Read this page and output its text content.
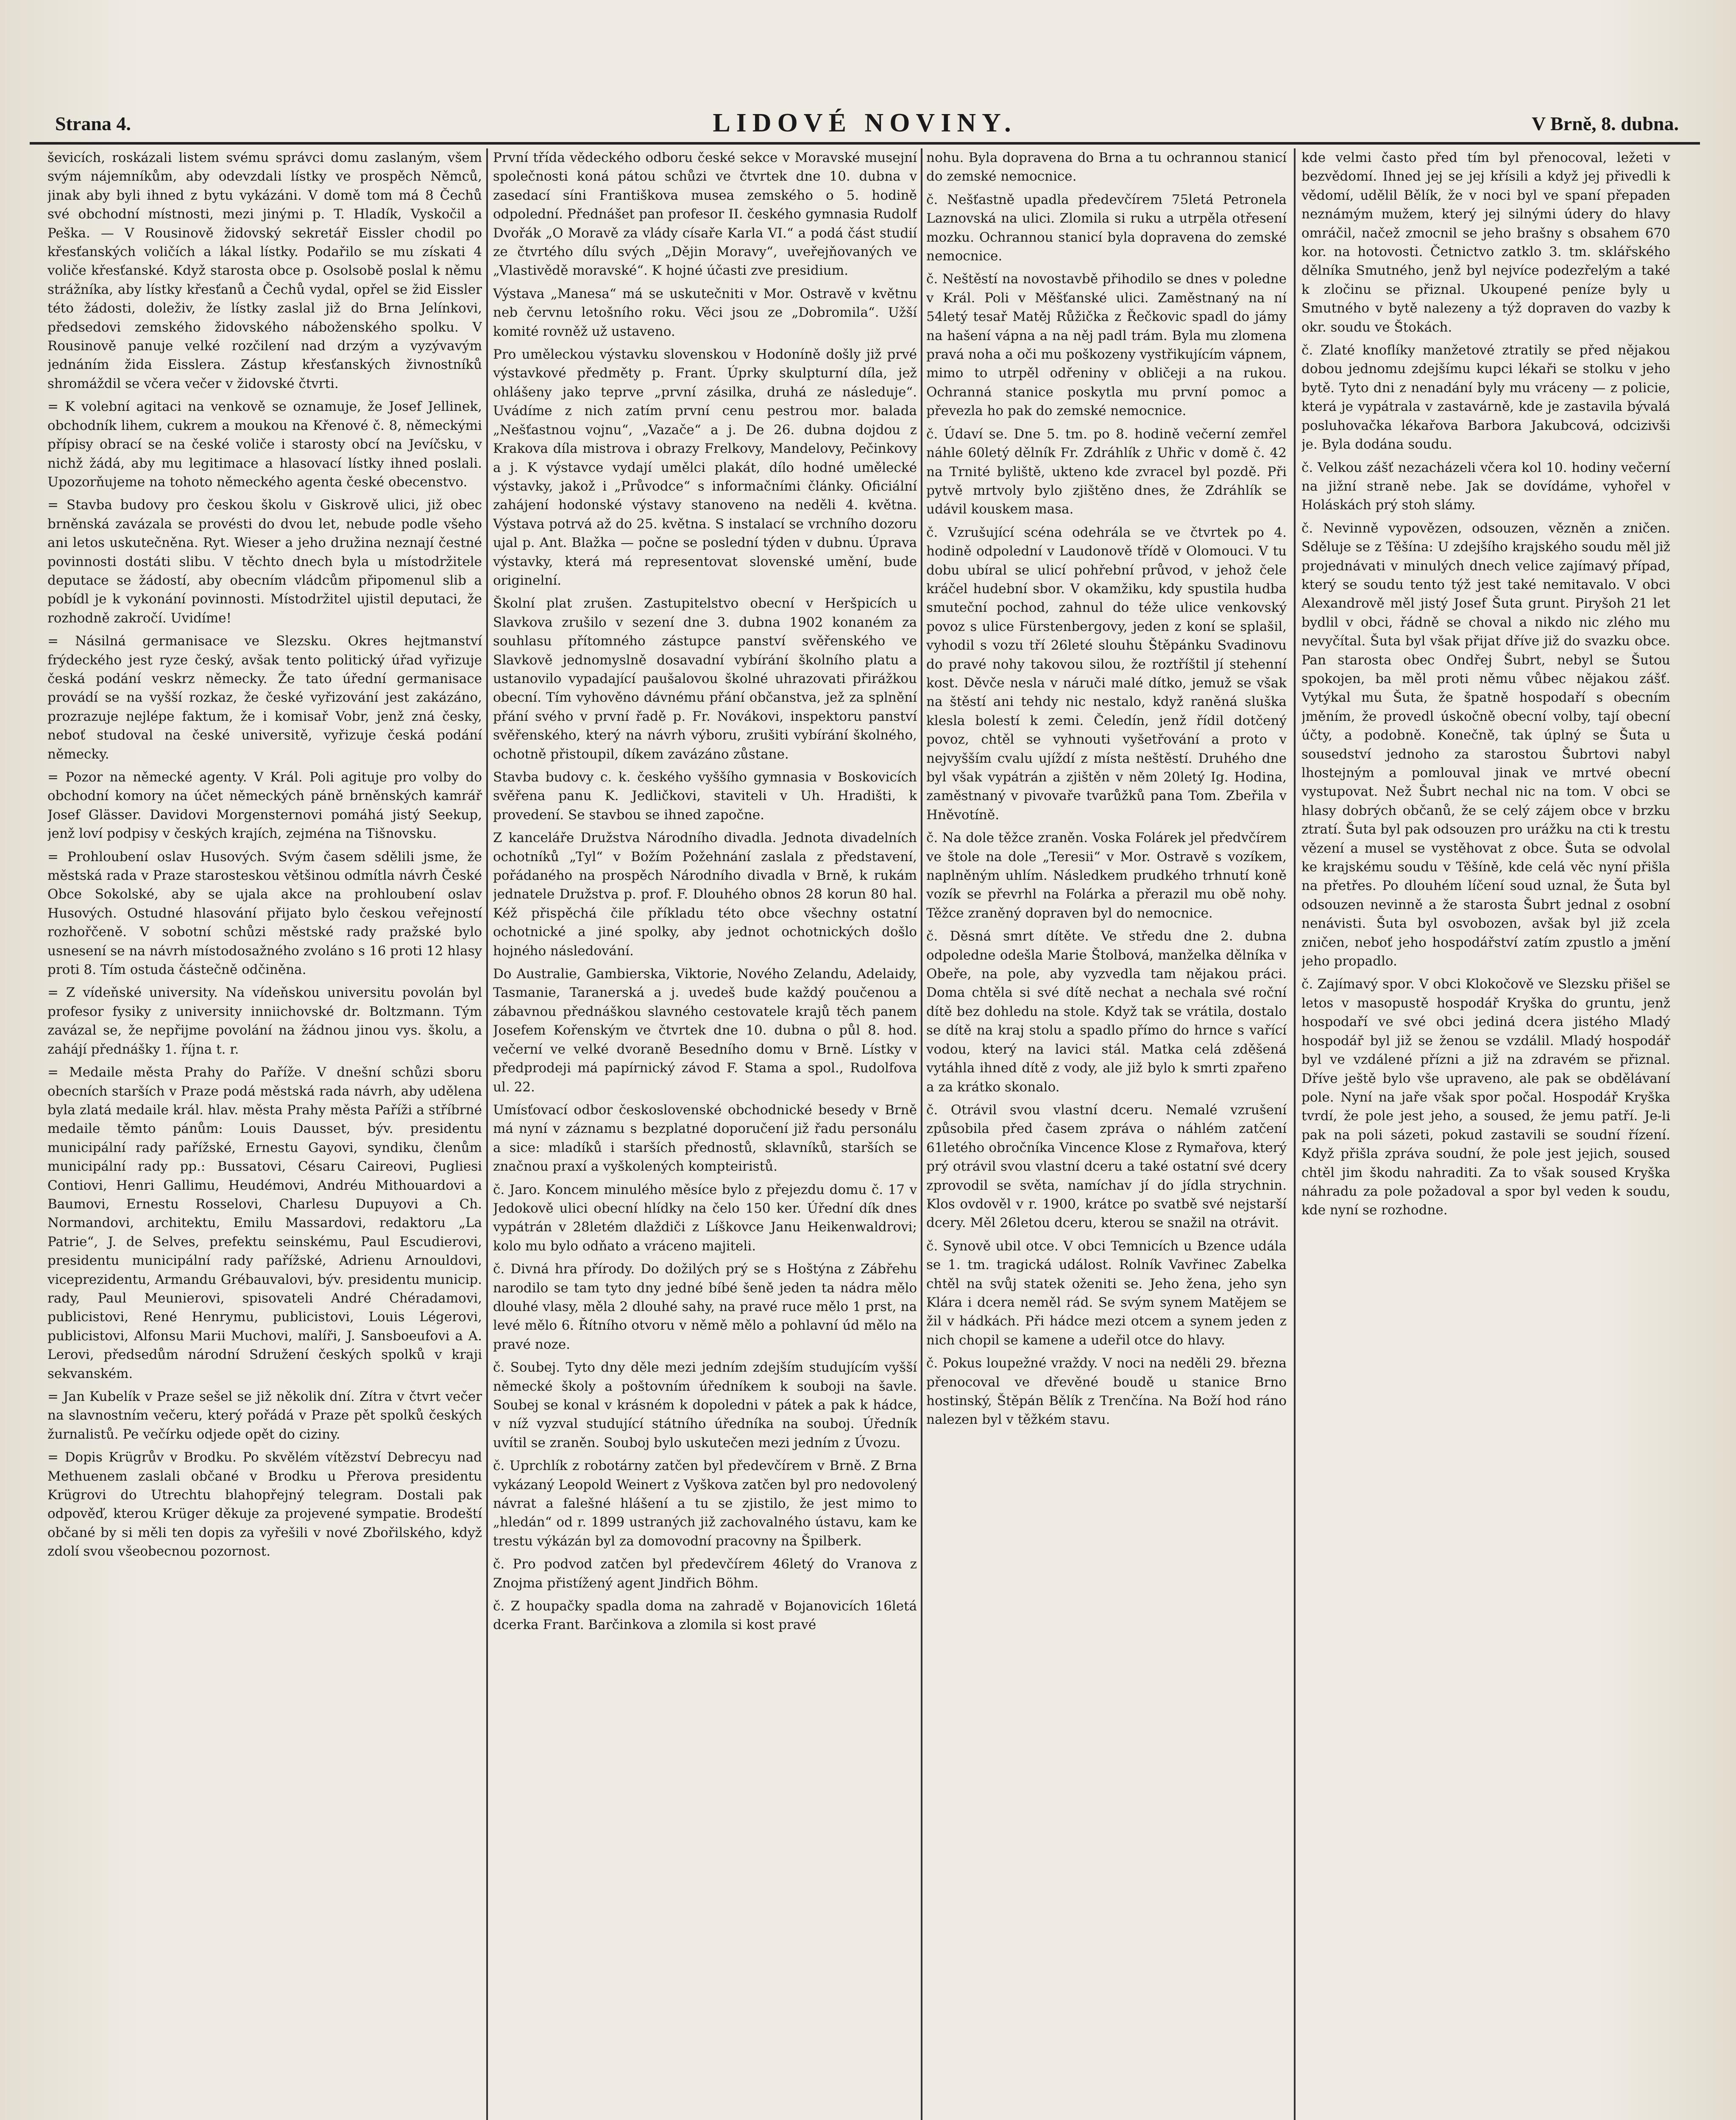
Strana 4.	LIDOVÉ NOVINY.	V Brně, 8. dubna.

ševicích, roskázali listem svému správci domu zaslaným, všem svým nájemníkům, aby odevzdali lístky ve prospěch Němců, jinak aby byli ihned z bytu vykázáni. V domě tom má 8 Čechů své obchodní místnosti, mezi jinými p. T. Hladík, Vyskočil a Peška. — V Rousinově židovský sekretář Eissler chodil po křesťanských voličích a lákal lístky. Podařilo se mu získati 4 voliče křesťanské. Když starosta obce p. Osolsobě poslal k němu strážníka, aby lístky křesťanů a Čechů vydal, opřel se žid Eissler této žádosti, doleživ, že lístky zaslal již do Brna Jelínkovi, předsedovi zemského židovského náboženského spolku. V Rousinově panuje velké rozčilení nad drzým a vyzývavým jednáním žida Eisslera. Zástup křesťanských živnostníků shromáždil se včera večer v židovské čtvrti.

= K volební agitaci na venkově se oznamuje, že Josef Jellinek, obchodník lihem, cukrem a moukou na Křenové č. 8, německými přípisy obrací se na české voliče i starosty obcí na Jevíčsku, v nichž žádá, aby mu legitimace a hlasovací lístky ihned poslali. Upozorňujeme na tohoto německého agenta české obecenstvo.

= Stavba budovy pro českou školu v Giskrově ulici, již obec brněnská zavázala se provésti do dvou let, nebude podle všeho ani letos uskutečněna. Ryt. Wieser a jeho družina neznají čestné povinnosti dostáti slibu. V těchto dnech byla u místodržitele deputace se žádostí, aby obecním vládcům připomenul slib a pobídl je k vykonání povinnosti. Místodržitel ujistil deputaci, že rozhodně zakročí. Uvidíme!

= Násilná germanisace ve Slezsku. Okres hejtmanství frýdeckého jest ryze český, avšak tento politický úřad vyřizuje česká podání veskrz německy. Že tato úřední germanisace provádí se na vyšší rozkaz, že české vyřizování jest zakázáno, prozrazuje nejlépe faktum, že i komisař Vobr, jenž zná česky, neboť studoval na české universitě, vyřizuje česká podání německy.

= Pozor na německé agenty. V Král. Poli agituje pro volby do obchodní komory na účet německých páně brněnských kamrář Josef Glässer. Davidovi Morgensternovi pomáhá jistý Seekup, jenž loví podpisy v českých krajích, zejména na Tišnovsku.

= Prohloubení oslav Husových. Svým časem sdělili jsme, že městská rada v Praze starosteskou většinou odmítla návrh České Obce Sokolské, aby se ujala akce na prohloubení oslav Husových. Ostudné hlasování přijato bylo českou veřejností rozhořčeně. V sobotní schůzi městské rady pražské bylo usnesení se na návrh místodosažného zvoláno s 16 proti 12 hlasy proti 8. Tím ostuda částečně odčiněna.

= Z vídeňské university. Na vídeňskou universitu povolán byl profesor fysiky z university inniichovské dr. Boltzmann. Tým zavázal se, že nepřijme povolání na žádnou jinou vys. školu, a zahájí přednášky 1. října t. r.

= Medaile města Prahy do Paříže. V dnešní schůzi sboru obecních starších v Praze podá městská rada návrh, aby udělena byla zlatá medaile král. hlav. města Prahy města Paříži a stříbrné medaile těmto pánům: Louis Dausset, býv. presidentu municipální rady pařížské, Ernestu Gayovi, syndiku, členům municipální rady pp.: Bussatovi, Césaru Caireovi, Pugliesi Contiovi, Henri Gallimu, Heudémovi, Andréu Mithouardovi a Baumovi, Ernestu Rosselovi, Charlesu Dupuyovi a Ch. Normandovi, architektu, Emilu Massardovi, redaktoru „La Patrie“, J. de Selves, prefektu seinskému, Paul Escudierovi, presidentu municipální rady pařížské, Adrienu Arnouldovi, viceprezidentu, Armandu Grébauvalovi, býv. presidentu municip. rady, Paul Meunierovi, spisovateli André Chéradamovi, publicistovi, René Henrymu, publicistovi, Louis Légerovi, publicistovi, Alfonsu Marii Muchovi, malíři, J. Sansboeufovi a A. Lerovi, předsedům národní Sdružení českých spolků v kraji sekvanském.

= Jan Kubelík v Praze sešel se již několik dní. Zítra v čtvrt večer na slavnostním večeru, který pořádá v Praze pět spolků českých žurnalistů. Pe večírku odjede opět do ciziny.

= Dopis Krügrův v Brodku. Po skvělém vítězství Debrecyu nad Methuenem zaslali občané v Brodku u Přerova presidentu Krügrovi do Utrechtu blahopřejný telegram. Dostali pak odpověď, kterou Krüger děkuje za projevené sympatie. Brodeští občané by si měli ten dopis za vyřešili v nové Zbořilského, když zdolí svou všeobecnou pozornost.

První třída vědeckého odboru české sekce v Moravské musejní společnosti koná pátou schůzi ve čtvrtek dne 10. dubna v zasedací síni Františkova musea zemského o 5. hodině odpolední. Přednášet pan profesor II. českého gymnasia Rudolf Dvořák „O Moravě za vlády císaře Karla VI.“ a podá část studií ze čtvrtého dílu svých „Dějin Moravy“, uveřejňovaných ve „Vlastivědě moravské“. K hojné účasti zve presidium.

Výstava „Manesa“ má se uskutečniti v Mor. Ostravě v květnu neb červnu letošního roku. Věci jsou ze „Dobromila“. Užší komité rovněž už ustaveno.

Pro uměleckou výstavku slovenskou v Hodoníně došly již prvé výstavkové předměty p. Frant. Úprky skulpturní díla, jež ohlášeny jako teprve „první zásilka, druhá ze následuje“. Uvádíme z nich zatím první cenu pestrou mor. balada „Nešťastnou vojnu“, „Vazače“ a j. De 26. dubna dojdou z Krakova díla mistrova i obrazy Frelkovy, Mandelovy, Pečinkovy a j. K výstavce vydají umělci plakát, dílo hodné umělecké výstavky, jakož i „Průvodce“ s informačními články. Oficiální zahájení hodonské výstavy stanoveno na neděli 4. května. Výstava potrvá až do 25. května. S instalací se vrchního dozoru ujal p. Ant. Blažka — počne se poslední týden v dubnu. Úprava výstavky, která má representovat slovenské umění, bude originelní.

Školní plat zrušen. Zastupitelstvo obecní v Heršpicích u Slavkova zrušilo v sezení dne 3. dubna 1902 konaném za souhlasu přítomného zástupce panství svěřenského ve Slavkově jednomyslně dosavadní vybírání školního platu a ustanovilo vypadající paušalovou školné uhrazovati přirážkou obecní. Tím vyhověno dávnému přání občanstva, jež za splnění přání svého v první řadě p. Fr. Novákovi, inspektoru panství svěřenského, který na návrh výboru, zrušiti vybírání školného, ochotně přistoupil, díkem zavázáno zůstane.

Stavba budovy c. k. českého vyššího gymnasia v Boskovicích svěřena panu K. Jedličkovi, staviteli v Uh. Hradišti, k provedení. Se stavbou se ihned započne.

Z kanceláře Družstva Národního divadla. Jednota divadelních ochotníků „Tyl“ v Božím Požehnání zaslala z představení, pořádaného na prospěch Národního divadla v Brně, k rukám jednatele Družstva p. prof. F. Dlouhého obnos 28 korun 80 hal. Kéž přispěchá čile příkladu této obce všechny ostatní ochotnické a jiné spolky, aby jednot ochotnických došlo hojného následování.

Do Australie, Gambierska, Viktorie, Nového Zelandu, Adelaidy, Tasmanie, Taranerská a j. uvedeš bude každý poučenou a zábavnou přednáškou slavného cestovatele krajů těch panem Josefem Kořenským ve čtvrtek dne 10. dubna o půl 8. hod. večerní ve velké dvoraně Besedního domu v Brně. Lístky v předprodeji má papírnický závod F. Stama a spol., Rudolfova ul. 22.

Umísťovací odbor československé obchodnické besedy v Brně má nyní v záznamu s bezplatné doporučení již řadu personálu a sice: mladíků i starších přednostů, sklavníků, starších se značnou praxí a vyškolených kompteiristů.

č. Jaro. Koncem minulého měsíce bylo z přejezdu domu č. 17 v Jedokově ulici obecní hlídky na čelo 150 ker. Úřední dík dnes vypátrán v 28letém dlaždiči z Líškovce Janu Heikenwaldrovi; kolo mu bylo odňato a vráceno majiteli.

č. Divná hra přírody. Do dožilých prý se s Hoštýna z Zábřehu narodilo se tam tyto dny jedné bíbé šeně jeden ta nádra mělo dlouhé vlasy, měla 2 dlouhé sahy, na pravé ruce mělo 1 prst, na levé mělo 6. Řítního otvoru v němě mělo a pohlavní úd mělo na pravé noze.

č. Soubej. Tyto dny děle mezi jedním zdejším studujícím vyšší německé školy a poštovním úředníkem k souboji na šavle. Soubej se konal v krásném k dopoledni v pátek a pak k hádce, v níž vyzval studující státního úředníka na souboj. Úředník uvítil se zraněn. Souboj bylo uskutečen mezi jedním z Úvozu.

č. Uprchlík z robotárny zatčen byl předevčírem v Brně. Z Brna vykázaný Leopold Weinert z Vyškova zatčen byl pro nedovolený návrat a falešné hlášení a tu se zjistilo, že jest mimo to „hledán“ od r. 1899 ustraných již zachovalného ústavu, kam ke trestu výkázán byl za domovodní pracovny na Špilberk.

č. Pro podvod zatčen byl předevčírem 46letý do Vranova z Znojma přistížený agent Jindřich Böhm.

č. Z houpačky spadla doma na zahradě v Bojanovicích 16letá dcerka Frant. Barčinkova a zlomila si kost pravé

nohu. Byla dopravena do Brna a tu ochrannou stanicí do zemské nemocnice.

č. Nešťastně upadla předevčírem 75letá Petronela Laznovská na ulici. Zlomila si ruku a utrpěla otřesení mozku. Ochrannou stanicí byla dopravena do zemské nemocnice.

č. Neštěstí na novostavbě přihodilo se dnes v poledne v Král. Poli v Měšťanské ulici. Zaměstnaný na ní 54letý tesař Matěj Růžička z Řečkovic spadl do jámy na hašení vápna a na něj padl trám. Byla mu zlomena pravá noha a oči mu poškozeny vystřikujícím vápnem, mimo to utrpěl odřeniny v obličeji a na rukou. Ochranná stanice poskytla mu první pomoc a převezla ho pak do zemské nemocnice.

č. Údaví se. Dne 5. tm. po 8. hodině večerní zemřel náhle 60letý dělník Fr. Zdráhlík z Uhřic v domě č. 42 na Trnité byliště, ukteno kde zvracel byl pozdě. Při pytvě mrtvoly bylo zjištěno dnes, že Zdráhlík se udávil kouskem masa.

č. Vzrušující scéna odehrála se ve čtvrtek po 4. hodině odpolední v Laudonově třídě v Olomouci. V tu dobu ubíral se ulicí pohřební průvod, v jehož čele kráčel hudební sbor. V okamžiku, kdy spustila hudba smuteční pochod, zahnul do téže ulice venkovský povoz s ulice Fürstenbergovy, jeden z koní se splašil, vyhodil s vozu tří 26leté slouhu Štěpánku Svadinovu do pravé nohy takovou silou, že roztříštil jí stehenní kost. Děvče nesla v náruči malé dítko, jemuž se však na štěstí ani tehdy nic nestalo, když raněná sluška klesla bolestí k zemi. Čeledín, jenž řídil dotčený povoz, chtěl se vyhnouti vyšetřování a proto v nejvyšším cvalu ujíždí z místa neštěstí. Druhého dne byl však vypátrán a zjištěn v něm 20letý Ig. Hodina, zaměstnaný v pivovaře tvarůžků pana Tom. Zbeřila v Hněvotíně.

č. Na dole těžce zraněn. Voska Folárek jel předvčírem ve štole na dole „Teresii“ v Mor. Ostravě s vozíkem, naplněným uhlím. Následkem prudkého trhnutí koně vozík se převrhl na Folárka a přerazil mu obě nohy. Těžce zraněný dopraven byl do nemocnice.

č. Děsná smrt dítěte. Ve středu dne 2. dubna odpoledne odešla Marie Štolbová, manželka dělníka v Obeře, na pole, aby vyzvedla tam nějakou práci. Doma chtěla si své dítě nechat a nechala své roční dítě bez dohledu na stole. Když tak se vrátila, dostalo se dítě na kraj stolu a spadlo přímo do hrnce s vařící vodou, který na lavici stál. Matka celá zděšená vytáhla ihned dítě z vody, ale již bylo k smrti zpařeno a za krátko skonalo.

č. Otrávil svou vlastní dceru. Nemalé vzrušení způsobila před časem zpráva o náhlém zatčení 61letého obročníka Vincence Klose z Rymařova, který prý otrávil svou vlastní dceru a také ostatní své dcery zprovodil se světa, namíchav jí do jídla strychnin. Klos ovdověl v r. 1900, krátce po svatbě své nejstarší dcery. Měl 26letou dceru, kterou se snažil na otrávit.

č. Synově ubil otce. V obci Temnicích u Bzence udála se 1. tm. tragická událost. Rolník Vavřinec Zabelka chtěl na svůj statek oženiti se. Jeho žena, jeho syn Klára i dcera neměl rád. Se svým synem Matějem se žil v hádkách. Při hádce mezi otcem a synem jeden z nich chopil se kamene a udeřil otce do hlavy.

č. Pokus loupežné vraždy. V noci na neděli 29. března přenocoval ve dřevěné boudě u stanice Brno hostinský, Štěpán Bělík z Trenčína. Na Boží hod ráno nalezen byl v těžkém stavu.

kde velmi často před tím byl přenocoval, ležeti v bezvědomí. Ihned jej se jej křísili a když jej přivedli k vědomí, udělil Bělík, že v noci byl ve spaní přepaden neznámým mužem, který jej silnými údery do hlavy omráčil, načež zmocnil se jeho brašny s obsahem 670 kor. na hotovosti. Četnictvo zatklo 3. tm. sklářského dělníka Smutného, jenž byl nejvíce podezřelým a také k zločinu se přiznal. Ukoupené peníze byly u Smutného v bytě nalezeny a týž dopraven do vazby k okr. soudu ve Štokách.

č. Zlaté knoflíky manžetové ztratily se před nějakou dobou jednomu zdejšímu kupci lékaři se stolku v jeho bytě. Tyto dni z nenadání byly mu vráceny — z policie, která je vypátrala v zastavárně, kde je zastavila bývalá posluhovačka lékařova Barbora Jakubcová, odcizivši je. Byla dodána soudu.

č. Velkou zášť nezacházeli včera kol 10. hodiny večerní na jižní straně nebe. Jak se dovídáme, vyhořel v Holáskách prý stoh slámy.

č. Nevinně vypovězen, odsouzen, vězněn a zničen. Sděluje se z Těšína: U zdejšího krajského soudu měl již projednávati v minulých dnech velice zajímavý případ, který se soudu tento týž jest také nemitavalo. V obci Alexandrově měl jistý Josef Šuta grunt. Piryšoh 21 let bydlil v obci, řádně se choval a nikdo nic zlého mu nevyčítal. Šuta byl však přijat dříve již do svazku obce. Pan starosta obec Ondřej Šubrt, nebyl se Šutou spokojen, ba měl proti němu vůbec nějakou zášť. Vytýkal mu Šuta, že špatně hospodaří s obecním jměním, že provedl úskočně obecní volby, tají obecní účty, a podobně. Konečně, tak úplný se Šuta u sousedství jednoho za starostou Šubrtovi nabyl lhostejným a pomlouval jinak ve mrtvé obecní vystupovat. Než Šubrt nechal nic na tom. V obci se hlasy dobrých občanů, že se celý zájem obce v brzku ztratí. Šuta byl pak odsouzen pro urážku na cti k trestu vězení a musel se vystěhovat z obce. Šuta se odvolal ke krajskému soudu v Těšíně, kde celá věc nyní přišla na přetřes. Po dlouhém líčení soud uznal, že Šuta byl odsouzen nevinně a že starosta Šubrt jednal z osobní nenávisti. Šuta byl osvobozen, avšak byl již zcela zničen, neboť jeho hospodářství zatím zpustlo a jmění jeho propadlo.

č. Zajímavý spor. V obci Klokočově ve Slezsku přišel se letos v masopustě hospodář Kryška do gruntu, jenž hospodaří ve své obci jediná dcera jistého Mladý hospodář byl již se ženou se vzdálil. Mladý hospodář byl ve vzdálené přízni a již na zdravém se přiznal. Dříve ještě bylo vše upraveno, ale pak se obdělávaní pole. Nyní na jaře však spor počal. Hospodář Kryška tvrdí, že pole jest jeho, a soused, že jemu patří. Je-li pak na poli sázeti, pokud zastavili se soudní řízení. Když přišla zpráva soudní, že pole jest jejich, soused chtěl jim škodu nahraditi. Za to však soused Kryška náhradu za pole požadoval a spor byl veden k soudu, kde nyní se rozhodne.
